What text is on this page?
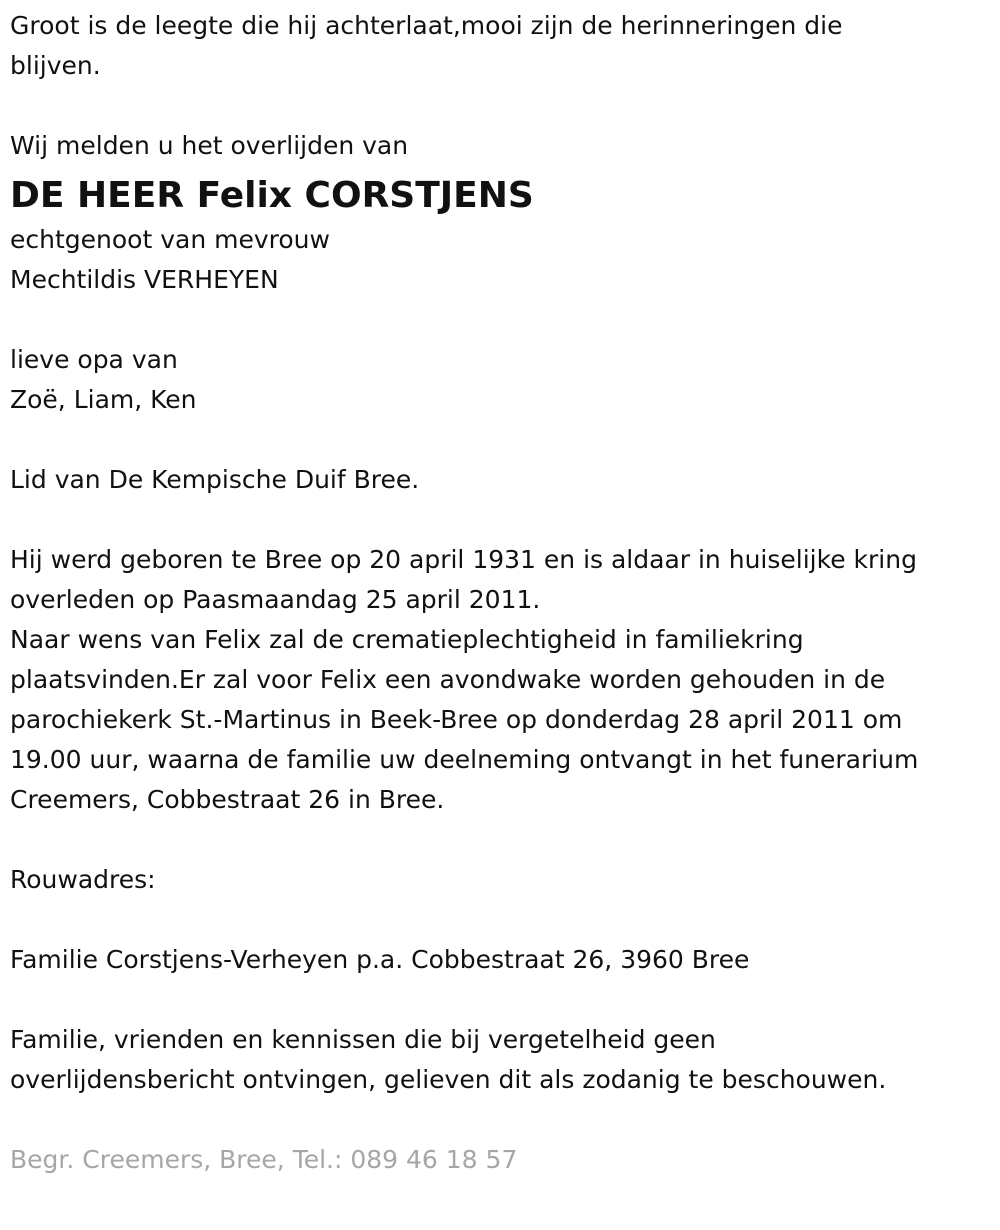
Groot is de leegte die hij achterlaat,mooi zijn de herinneringen die

blijven.

Wij melden u het overlijden van

DE HEER Felix CORSTJENS

echtgenoot van mevrouw

Mechtildis VERHEYEN

lieve opa van

Zoë, Liam, Ken

Lid van De Kempische Duif Bree.

Hij werd geboren te Bree op 20 april 1931 en is aldaar in huiselijke kring

overleden op Paasmaandag 25 april 2011.

Naar wens van Felix zal de crematieplechtigheid in familiekring

plaatsvinden.Er zal voor Felix een avondwake worden gehouden in de

parochiekerk St.-Martinus in Beek-Bree op donderdag 28 april 2011 om

19.00 uur, waarna de familie uw deelneming ontvangt in het funerarium

Creemers, Cobbestraat 26 in Bree.

Rouwadres:

Familie Corstjens-Verheyen p.a. Cobbestraat 26, 3960 Bree

Familie, vrienden en kennissen die bij vergetelheid geen

overlijdensbericht ontvingen, gelieven dit als zodanig te beschouwen.

Begr. Creemers, Bree, Tel.: 089 46 18 57
